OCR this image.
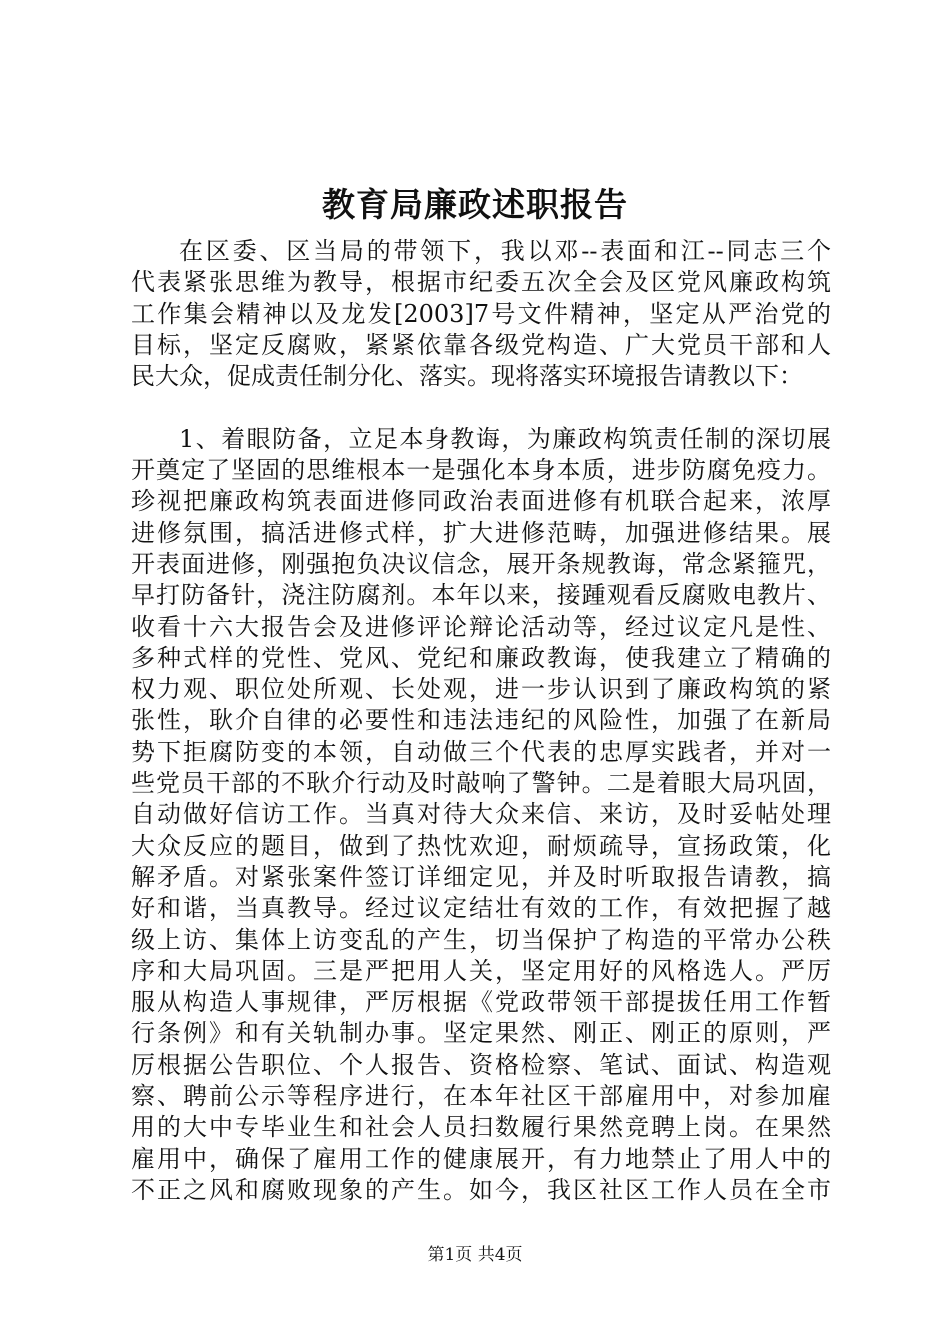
教育局廉政述职报告
在区委、区当局的带领下，我以邓--表面和江--同志三个
代表紧张思维为教导，根据市纪委五次全会及区党风廉政构筑
工作集会精神以及龙发[2003]7号文件精神，坚定从严治党的
目标，坚定反腐败，紧紧依靠各级党构造、广大党员干部和人
民大众，促成责任制分化、落实。现将落实环境报告请教以下：
1、着眼防备，立足本身教诲，为廉政构筑责任制的深切展
开奠定了坚固的思维根本一是强化本身本质，进步防腐免疫力。
珍视把廉政构筑表面进修同政治表面进修有机联合起来，浓厚
进修氛围，搞活进修式样，扩大进修范畴，加强进修结果。展
开表面进修，刚强抱负决议信念，展开条规教诲，常念紧箍咒，
早打防备针，浇注防腐剂。本年以来，接踵观看反腐败电教片、
收看十六大报告会及进修评论辩论活动等，经过议定凡是性、
多种式样的党性、党风、党纪和廉政教诲，使我建立了精确的
权力观、职位处所观、长处观，进一步认识到了廉政构筑的紧
张性，耿介自律的必要性和违法违纪的风险性，加强了在新局
势下拒腐防变的本领，自动做三个代表的忠厚实践者，并对一
些党员干部的不耿介行动及时敲响了警钟。二是着眼大局巩固，
自动做好信访工作。当真对待大众来信、来访，及时妥帖处理
大众反应的题目，做到了热忱欢迎，耐烦疏导，宣扬政策，化
解矛盾。对紧张案件签订详细定见，并及时听取报告请教，搞
好和谐，当真教导。经过议定结壮有效的工作，有效把握了越
级上访、集体上访变乱的产生，切当保护了构造的平常办公秩
序和大局巩固。三是严把用人关，坚定用好的风格选人。严厉
服从构造人事规律，严厉根据《党政带领干部提拔任用工作暂
行条例》和有关轨制办事。坚定果然、刚正、刚正的原则，严
厉根据公告职位、个人报告、资格检察、笔试、面试、构造观
察、聘前公示等程序进行，在本年社区干部雇用中，对参加雇
用的大中专毕业生和社会人员扫数履行果然竞聘上岗。在果然
雇用中，确保了雇用工作的健康展开，有力地禁止了用人中的
不正之风和腐败现象的产生。如今，我区社区工作人员在全市
第1页 共4页
